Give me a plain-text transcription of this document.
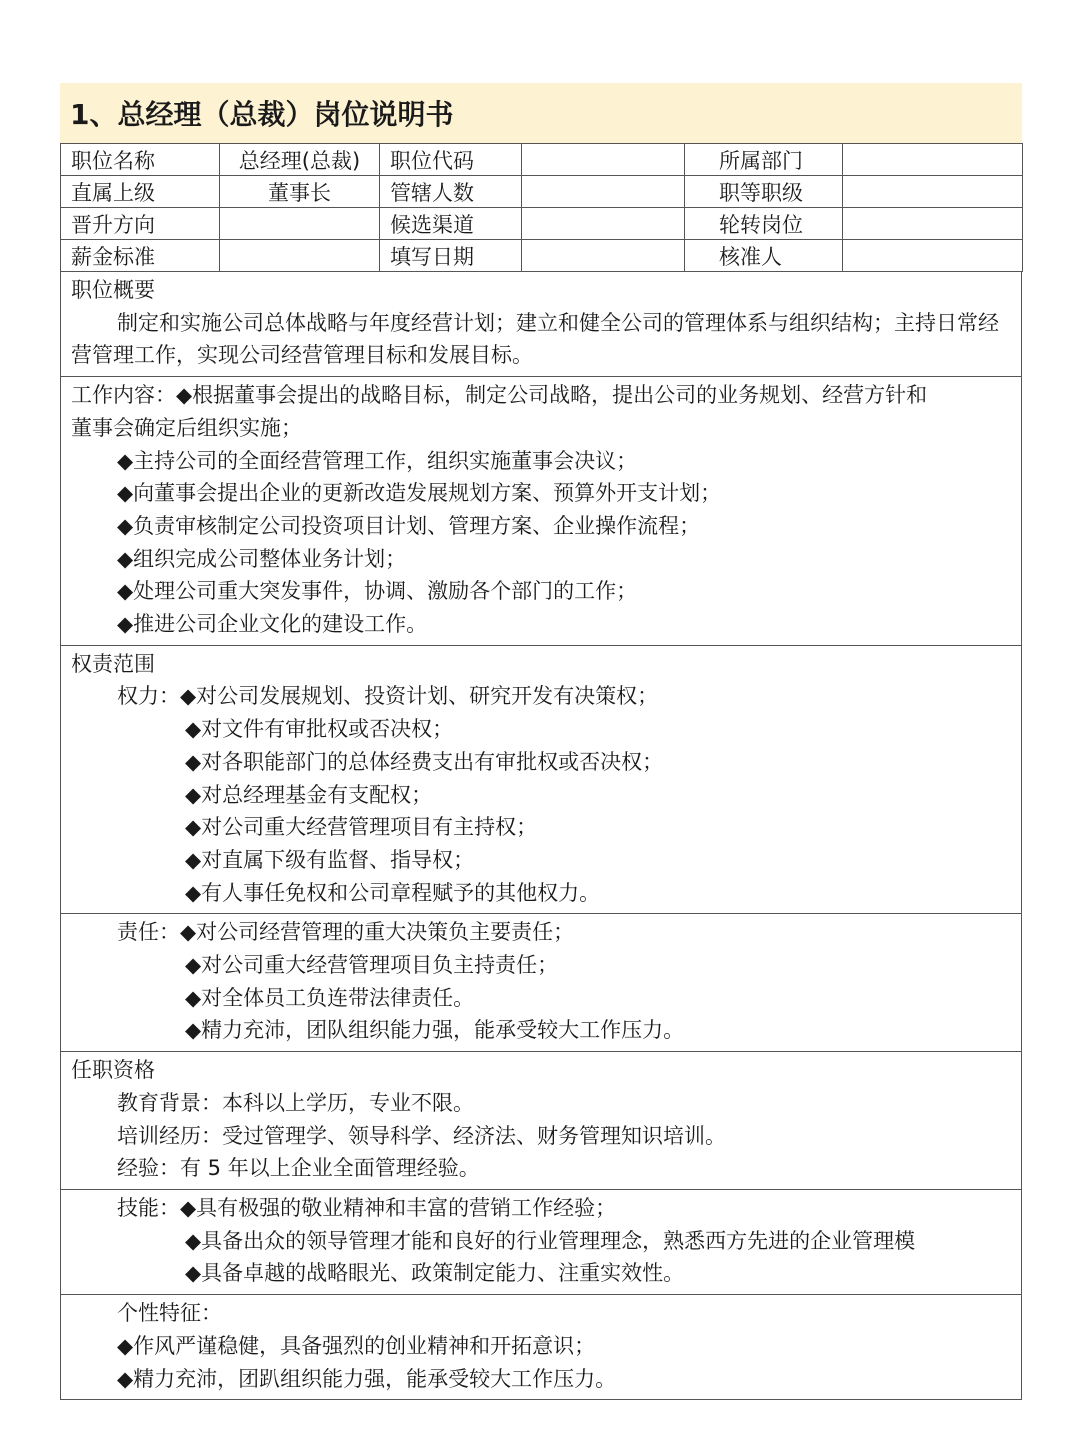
1、总经理（总裁）岗位说明书
职位名称	总经理(总裁)	职位代码		所属部门	
直属上级	董事长	管辖人数		职等职级	
晋升方向		候选渠道		轮转岗位	
薪金标准		填写日期		核准人	
职位概要
制定和实施公司总体战略与年度经营计划；建立和健全公司的管理体系与组织结构；主持日常经营管理工作，实现公司经营管理目标和发展目标。
工作内容：◆根据董事会提出的战略目标，制定公司战略，提出公司的业务规划、经营方针和
董事会确定后组织实施；
◆主持公司的全面经营管理工作，组织实施董事会决议；
◆向董事会提出企业的更新改造发展规划方案、预算外开支计划；
◆负责审核制定公司投资项目计划、管理方案、企业操作流程；
◆组织完成公司整体业务计划；
◆处理公司重大突发事件，协调、激励各个部门的工作；
◆推进公司企业文化的建设工作。
权责范围
权力：◆对公司发展规划、投资计划、研究开发有决策权；
◆对文件有审批权或否决权；
◆对各职能部门的总体经费支出有审批权或否决权；
◆对总经理基金有支配权；
◆对公司重大经营管理项目有主持权；
◆对直属下级有监督、指导权；
◆有人事任免权和公司章程赋予的其他权力。
责任：◆对公司经营管理的重大决策负主要责任；
◆对公司重大经营管理项目负主持责任；
◆对全体员工负连带法律责任。
◆精力充沛，团队组织能力强，能承受较大工作压力。
任职资格
教育背景：本科以上学历，专业不限。
培训经历：受过管理学、领导科学、经济法、财务管理知识培训。
经验：有 5 年以上企业全面管理经验。
技能：◆具有极强的敬业精神和丰富的营销工作经验；
◆具备出众的领导管理才能和良好的行业管理理念，熟悉西方先进的企业管理模
◆具备卓越的战略眼光、政策制定能力、注重实效性。
个性特征：
◆作风严谨稳健，具备强烈的创业精神和开拓意识；
◆精力充沛，团趴组织能力强，能承受较大工作压力。
